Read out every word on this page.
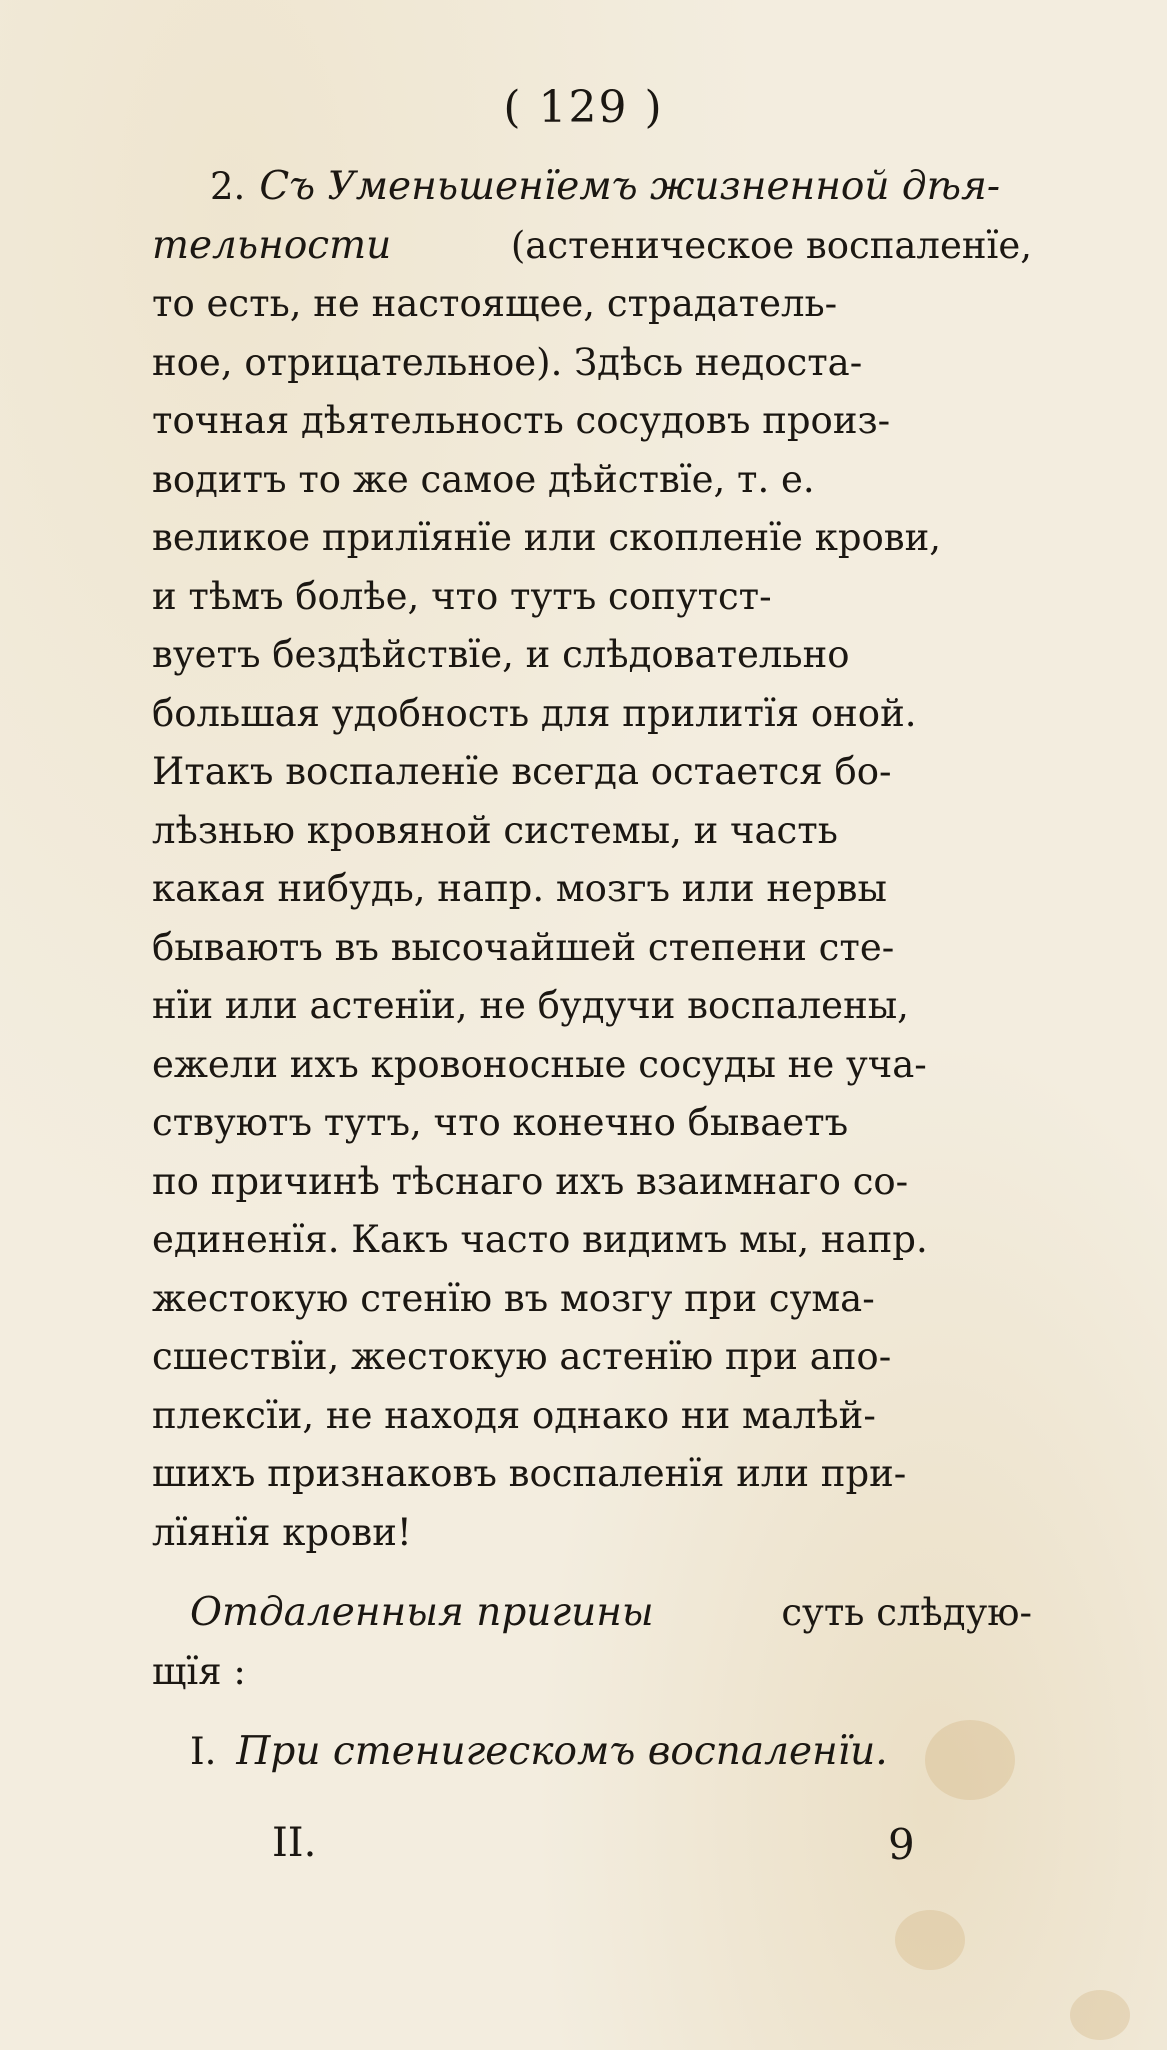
( 129 )
2. Съ Уменьшенїемъ жизненной дѣя-
тельности	(астеническое воспаленїе,
то есть, не настоящее, страдатель-
ное, отрицательное). Здѣсь недоста-
точная дѣятельность сосудовъ произ-
водитъ то же самое дѣйствїе, т. е.
великое прилїянїе или скопленїе крови,
и тѣмъ болѣе, что тутъ сопутст-
вуетъ бездѣйствїе, и слѣдовательно
большая удобность для прилитїя оной.
Итакъ воспаленїе всегда остается бо-
лѣзнью кровяной системы, и часть
какая нибудь, напр. мозгъ или нервы
бываютъ въ высочайшей степени сте-
нїи или астенїи, не будучи воспалены,
ежели ихъ кровоносные сосуды не уча-
ствуютъ тутъ, что конечно бываетъ
по причинѣ тѣснаго ихъ взаимнаго со-
единенїя. Какъ часто видимъ мы, напр.
жестокую стенїю въ мозгу при сума-
сшествїи, жестокую астенїю при апо-
плексїи, не находя однако ни малѣй-
шихъ признаковъ воспаленїя или при-
лїянїя крови!
Отдаленныя пригины	суть слѣдую-
щїя :
I. При стенигескомъ воспаленїи.
II.	9
